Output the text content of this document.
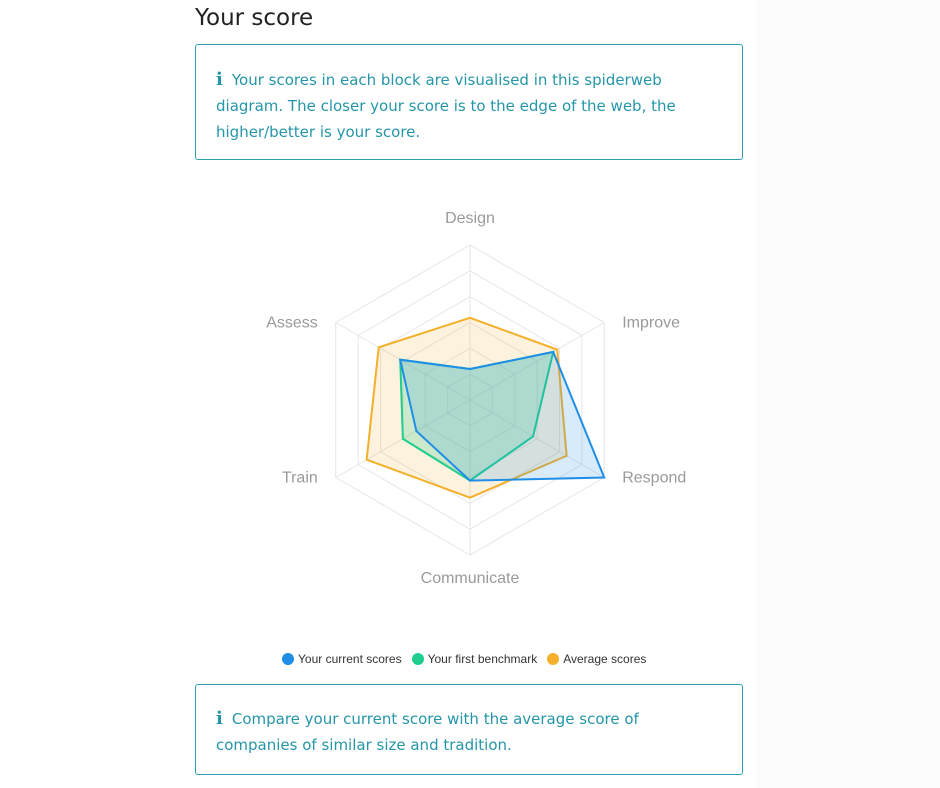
Your score
i Your scores in each block are visualised in this spiderweb diagram. The closer your score is to the edge of the web, the higher/better is your score.
Design
Improve
Respond
Communicate
Train
Assess
Your current scores Your first benchmark Average scores
i Compare your current score with the average score of companies of similar size and tradition.
